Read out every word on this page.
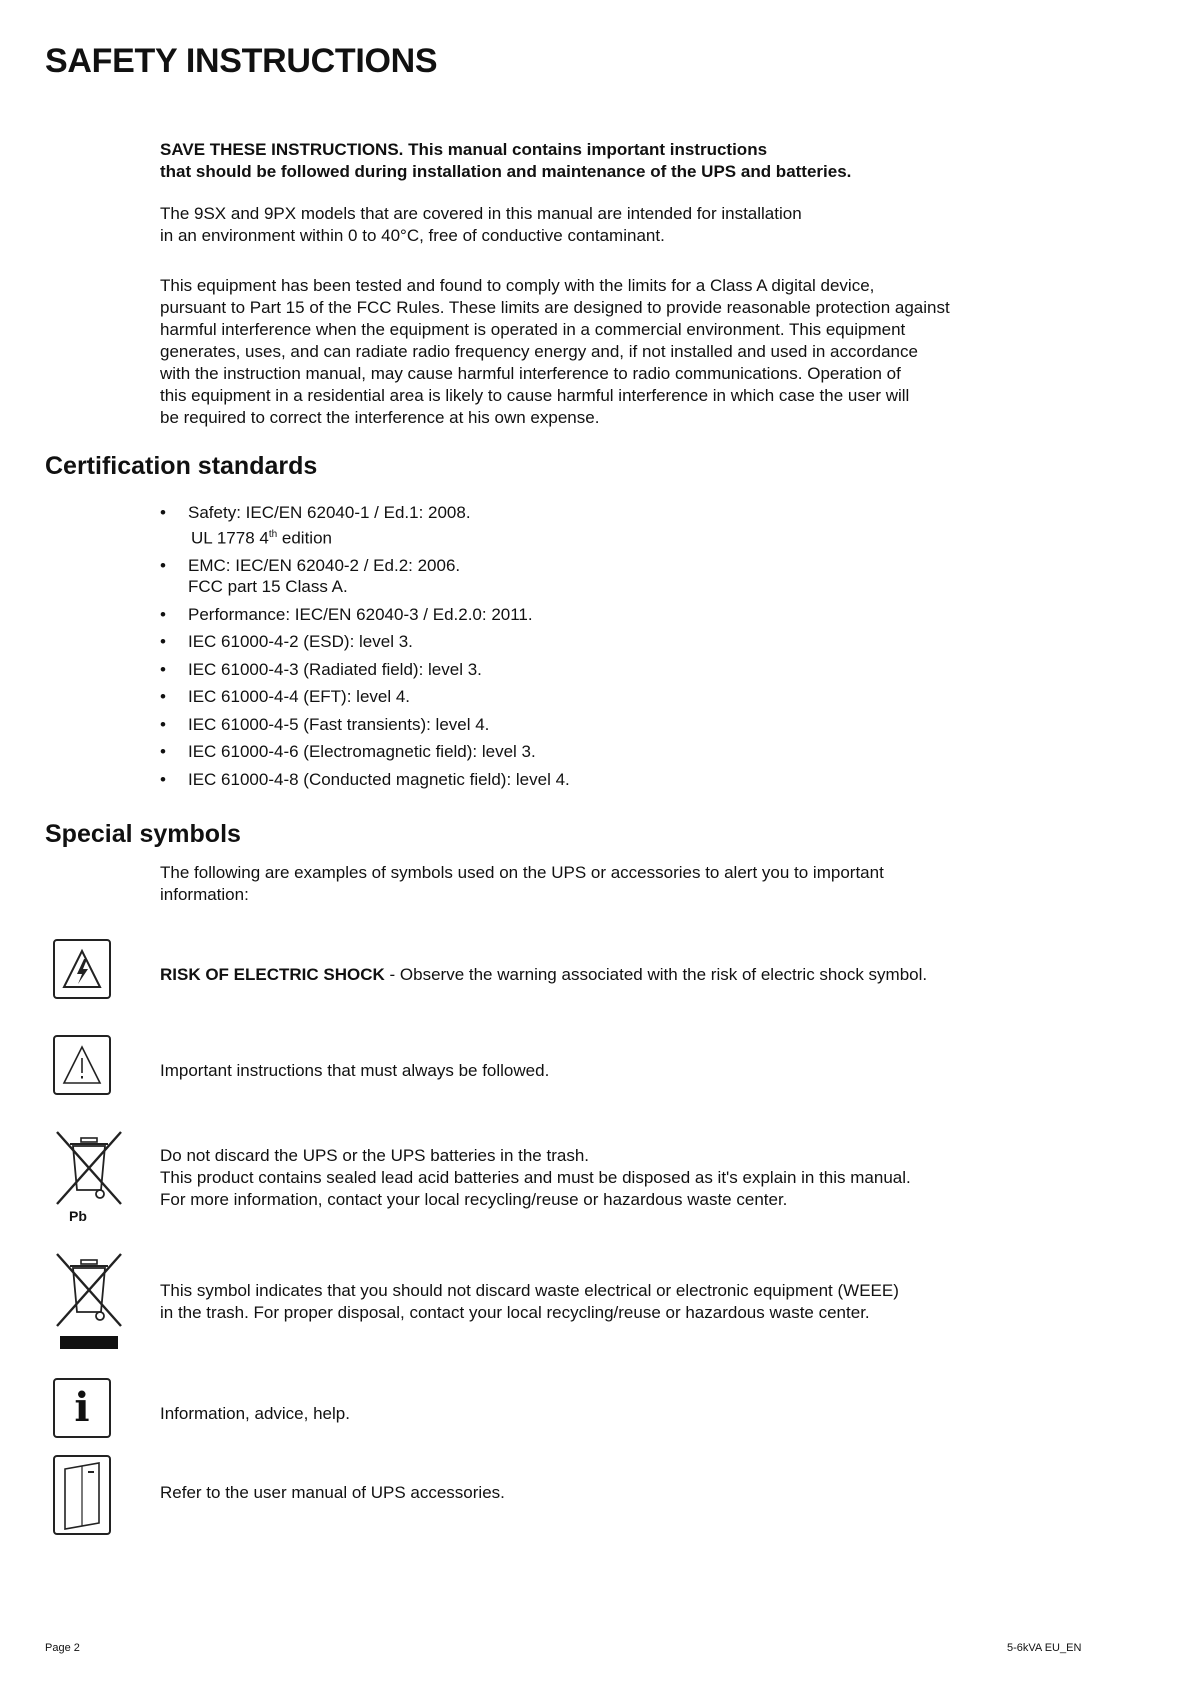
SAFETY INSTRUCTIONS

SAVE THESE INSTRUCTIONS. This manual contains important instructions

that should be followed during installation and maintenance of the UPS and batteries.

The 9SX and 9PX models that are covered in this manual are intended for installation

in an environment within 0 to 40°C, free of conductive contaminant.

This equipment has been tested and found to comply with the limits for a Class A digital device,

pursuant to Part 15 of the FCC Rules. These limits are designed to provide reasonable protection against

harmful interference when the equipment is operated in a commercial environment. This equipment

generates, uses, and can radiate radio frequency energy and, if not installed and used in accordance

with the instruction manual, may cause harmful interference to radio communications. Operation of

this equipment in a residential area is likely to cause harmful interference in which case the user will

be required to correct the interference at his own expense.

Certification standards
• Safety: IEC/EN 62040-1 / Ed.1: 2008.
UL 1778 4th edition
• EMC: IEC/EN 62040-2 / Ed.2: 2006.
FCC part 15 Class A.
• Performance: IEC/EN 62040-3 / Ed.2.0: 2011.
• IEC 61000-4-2 (ESD): level 3.
• IEC 61000-4-3 (Radiated field): level 3.
• IEC 61000-4-4 (EFT): level 4.
• IEC 61000-4-5 (Fast transients): level 4.
• IEC 61000-4-6 (Electromagnetic field): level 3.
• IEC 61000-4-8 (Conducted magnetic field): level 4.
Special symbols

The following are examples of symbols used on the UPS or accessories to alert you to important

information:

RISK OF ELECTRIC SHOCK - Observe the warning associated with the risk of electric shock symbol.
Important instructions that must always be followed.
Pb
Do not discard the UPS or the UPS batteries in the trash.
This product contains sealed lead acid batteries and must be disposed as it's explain in this manual.
For more information, contact your local recycling/reuse or hazardous waste center.
This symbol indicates that you should not discard waste electrical or electronic equipment (WEEE)
in the trash. For proper disposal, contact your local recycling/reuse or hazardous waste center.
i	Information, advice, help.
Refer to the user manual of UPS accessories.
Page 2	5-6kVA EU_EN
